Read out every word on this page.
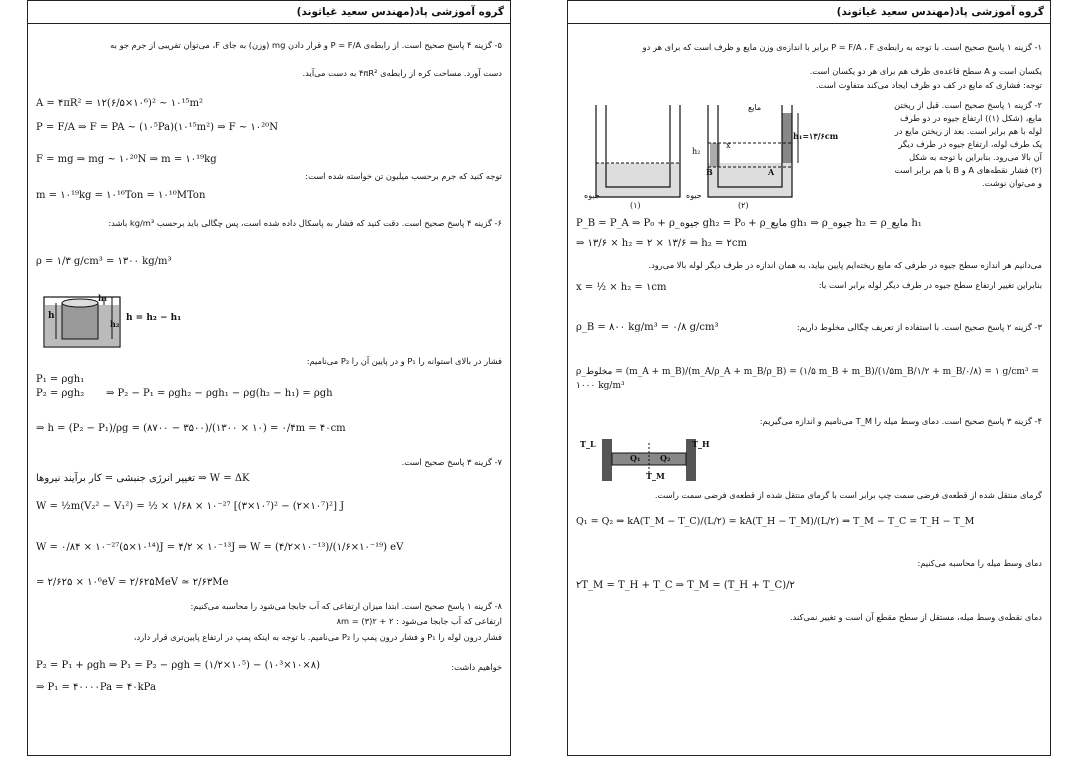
گروه آموزشی پاد(مهندس سعید غیاثوند)
۵- گزینه ۴ پاسخ صحیح است. از رابطه‌ی P = F/A و قرار دادن mg (وزن) به جای F، می‌توان تقریبی از جرم جو به
دست آورد. مساحت کره از رابطه‌ی ۴πR² به دست می‌آید.
A = ۴πR² = ۱۲(۶/۵×۱۰⁶)² ~ ۱۰¹⁵m²
P = F/A ⇒ F = PA ~ (۱۰⁵Pa)(۱۰¹⁵m²) ⇒ F ~ ۱۰²⁰N
F = mg ⇒ mg ~ ۱۰²⁰N ⇒ m = ۱۰¹⁹kg
توجه کنید که جرم برحسب میلیون تن خواسته شده است:
m = ۱۰¹⁹kg = ۱۰¹⁶Ton = ۱۰¹⁰MTon
۶- گزینه ۴ پاسخ صحیح است. دقت کنید که فشار به پاسکال داده شده است، پس چگالی باید برحسب kg/m³ باشد:
ρ = ۱/۳ g/cm³ = ۱۳۰۰ kg/m³
h
h₁
h₂
h = h₂ − h₁
فشار در بالای استوانه را P₁ و در پایین آن را P₂ می‌نامیم:
P₁ = ρgh₁
P₂ = ρgh₂	⇒ P₂ − P₁ = ρgh₂ − ρgh₁ − ρg(h₂ − h₁) = ρgh
⇒ h = (P₂ − P₁)/ρg = (۸۷۰۰ − ۳۵۰۰)/(۱۳۰۰ × ۱۰) = ۰/۴m = ۴۰cm
۷- گزینه ۳ پاسخ صحیح است.
تغییر انرژی جنبشی = کار برآیند نیروها ⇒ W = ΔK
W = ½m(V₂² − V₁²) = ½ × ۱/۶۸ × ۱۰⁻²⁷ [(۳×۱۰⁷)² − (۲×۱۰⁷)²] J
W = ۰/۸۴ × ۱۰⁻²⁷(۵×۱۰¹⁴)J = ۴/۲ × ۱۰⁻¹³J ⇒ W = (۴/۲×۱۰⁻¹³)/(۱/۶×۱۰⁻¹⁹) eV
= ۲/۶۲۵ × ۱۰⁶eV = ۲/۶۲۵MeV ≃ ۲/۶۳Me
۸- گزینه ۱ پاسخ صحیح است. ابتدا میزان ارتفاعی که آب جابجا می‌شود را محاسبه می‌کنیم:
ارتفاعی که آب جابجا می‌شود : ۲ + ۲(۳) = ۸m
فشار درون لوله را P₁ و فشار درون پمپ را P₂ می‌نامیم. با توجه به اینکه پمپ در ارتفاع پایین‌تری قرار دارد،
خواهیم داشت:
P₂ = P₁ + ρgh ⇒ P₁ = P₂ − ρgh = (۱/۲×۱۰⁵) − (۱۰³×۱۰×۸)
⇒ P₁ = ۴۰۰۰۰Pa = ۴۰kPa
گروه آموزشی پاد(مهندس سعید غیاثوند)
۱- گزینه ۱ پاسخ صحیح است. با توجه به رابطه‌ی P = F/A ، F برابر با اندازه‌ی وزن مایع و ظرف است که برای هر دو
یکسان است و A سطح قاعده‌ی ظرف هم برای هر دو یکسان است.
توجه: فشاری که مایع در کف دو ظرف ایجاد می‌کند متفاوت است.
۲- گزینه ۱ پاسخ صحیح است. قبل از ریختن
مایع، (شکل (۱)) ارتفاع جیوه در دو طرف
لوله با هم برابر است. بعد از ریختن مایع در
یک طرف لوله، ارتفاع جیوه در طرف دیگر
آن بالا می‌رود. بنابراین با توجه به شکل
(۲) فشار نقطه‌های A و B با هم برابر است
و می‌توان نوشت.
جیوه
(۱)
جیوه
(۲)
مایع
h₁=۱۳/۶cm
h₂
x
A
B
P_B = P_A ⇒ P₀ + ρ_جیوه gh₂ = P₀ + ρ_مایع gh₁ ⇒ ρ_جیوه h₂ = ρ_مایع h₁
⇒ ۱۳/۶ × h₂ = ۲ × ۱۳/۶ ⇒ h₂ = ۲cm
می‌دانیم هر اندازه سطح جیوه در طرفی که مایع ریخته‌ایم پایین بیاید، به همان اندازه در طرف دیگر لوله بالا می‌رود.
بنابراین تغییر ارتفاع سطح جیوه در طرف دیگر لوله برابر است با:
x = ½ × h₂ = ۱cm
۳- گزینه ۲ پاسخ صحیح است. با استفاده از تعریف چگالی مخلوط داریم:
ρ_B = ۸۰۰ kg/m³ = ۰/۸ g/cm³
ρ_مخلوط = (m_A + m_B)/(m_A/ρ_A + m_B/ρ_B) = (۱/۵ m_B + m_B)/(۱/۵m_B/۱/۲ + m_B/۰/۸) = ۱ g/cm³ = ۱۰۰۰ kg/m³
۴- گزینه ۳ پاسخ صحیح است. دمای وسط میله را T_M می‌نامیم و اندازه می‌گیریم:
T_L	T_H
Q₁ Q₂
T_M
گرمای منتقل شده از قطعه‌ی فرضی سمت چپ برابر است با گرمای منتقل شده از قطعه‌ی فرضی سمت راست.
Q₁ = Q₂ ⇒ kA(T_M − T_C)/(L/۲) = kA(T_H − T_M)/(L/۲) ⇒ T_M − T_C = T_H − T_M
دمای وسط میله را محاسبه می‌کنیم:
۲T_M = T_H + T_C ⇒ T_M = (T_H + T_C)/۲
دمای نقطه‌ی وسط میله، مستقل از سطح مقطع آن است و تغییر نمی‌کند.
